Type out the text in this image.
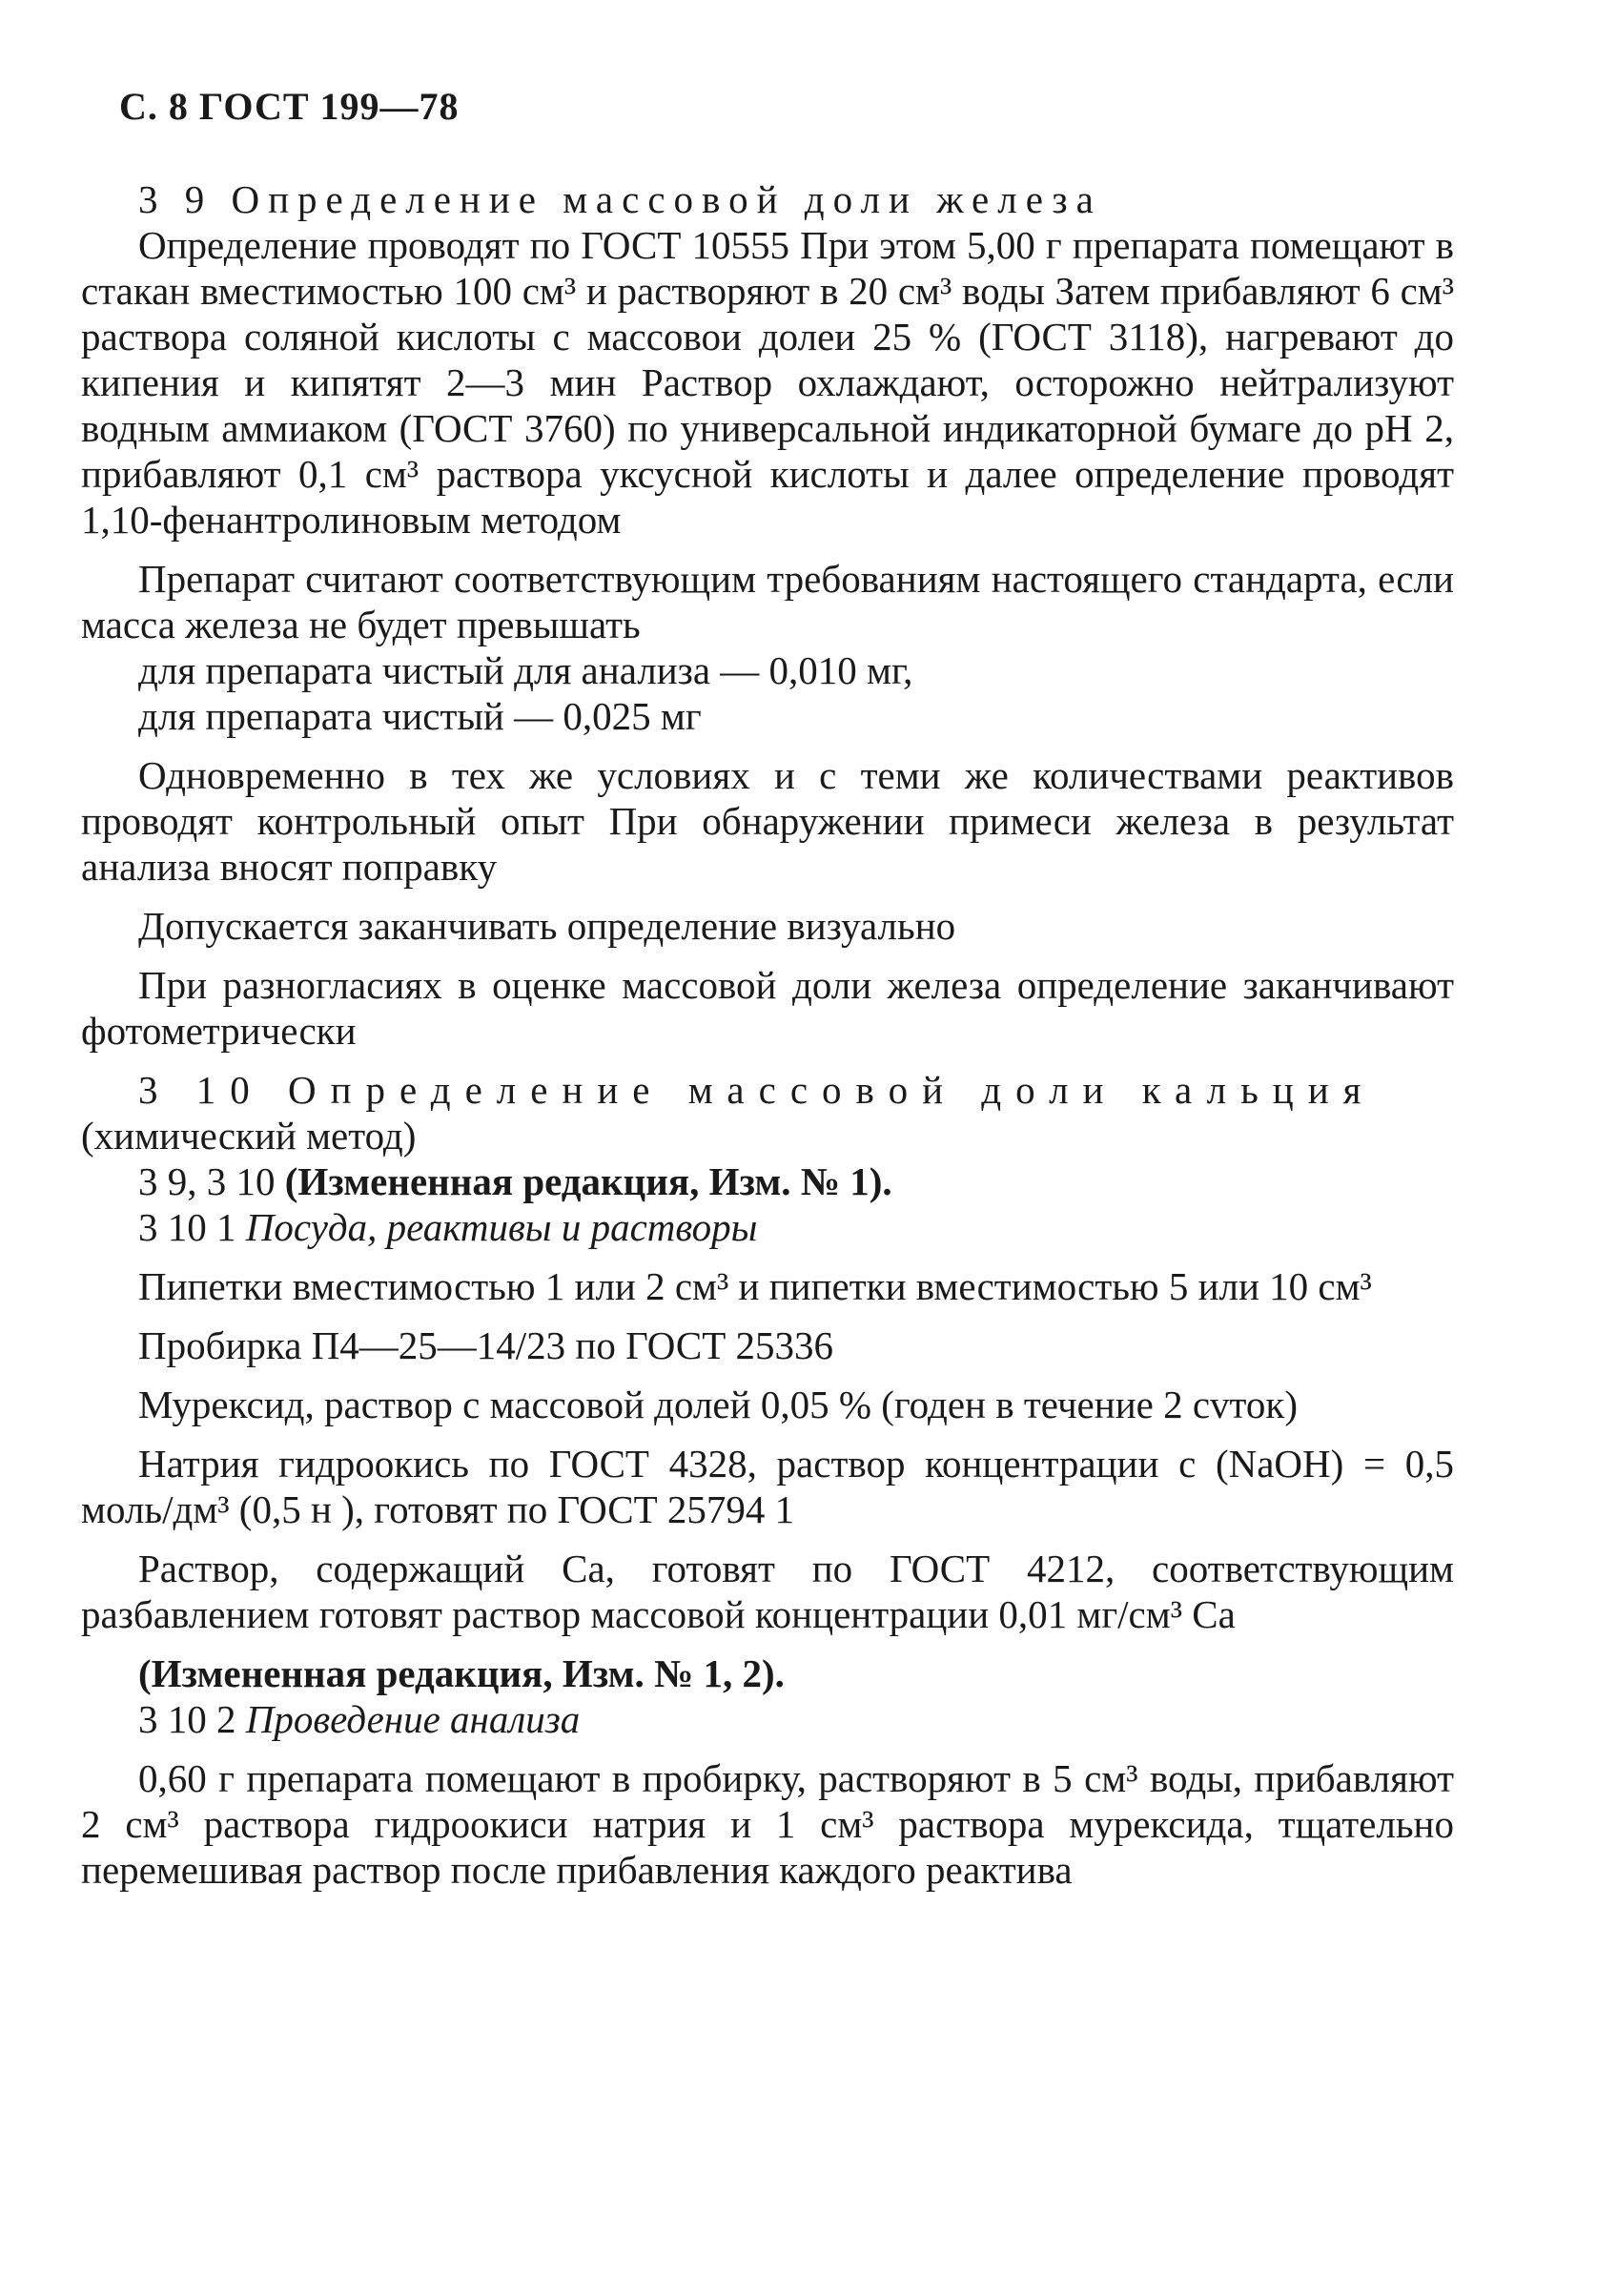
С. 8 ГОСТ 199—78
3 9 Определение массовой доли железа
Определение проводят по ГОСТ 10555 При этом 5,00 г препарата помещают в стакан вместимостью 100 см³ и растворяют в 20 см³ воды Затем прибавляют 6 см³ раствора соляной кислоты с массовои долеи 25 % (ГОСТ 3118), нагревают до кипения и кипятят 2—3 мин Раствор охлаждают, осторожно нейтрализуют водным аммиаком (ГОСТ 3760) по универсальной индикаторной бумаге до рН 2, прибавляют 0,1 см³ раствора уксусной кислоты и далее определение проводят 1,10-фенантролиновым методом
Препарат считают соответствующим требованиям настоящего стандарта, если масса железа не будет превышать
для препарата чистый для анализа — 0,010 мг,
для препарата чистый — 0,025 мг
Одновременно в тех же условиях и с теми же количествами реактивов проводят контрольный опыт При обнаружении примеси железа в результат анализа вносят поправку
Допускается заканчивать определение визуально
При разногласиях в оценке массовой доли железа определение заканчивают фотометрически
3 10 Определение массовой доли кальция
(химический метод)
3 9, 3 10 (Измененная редакция, Изм. № 1).
3 10 1 Посуда, реактивы и растворы
Пипетки вместимостью 1 или 2 см³ и пипетки вместимостью 5 или 10 см³
Пробирка П4—25—14/23 по ГОСТ 25336
Мурексид, раствор с массовой долей 0,05 % (годен в течение 2 сvток)
Натрия гидроокись по ГОСТ 4328, раствор концентрации с (NaOH) = 0,5 моль/дм³ (0,5 н ), готовят по ГОСТ 25794 1
Раствор, содержащий Са, готовят по ГОСТ 4212, соответствующим разбавлением готовят раствор массовой концентрации 0,01 мг/см³ Са
(Измененная редакция, Изм. № 1, 2).
3 10 2 Проведение анализа
0,60 г препарата помещают в пробирку, растворяют в 5 см³ воды, прибавляют 2 см³ раствора гидроокиси натрия и 1 см³ раствора мурексида, тщательно перемешивая раствор после прибавления каждого реактива
